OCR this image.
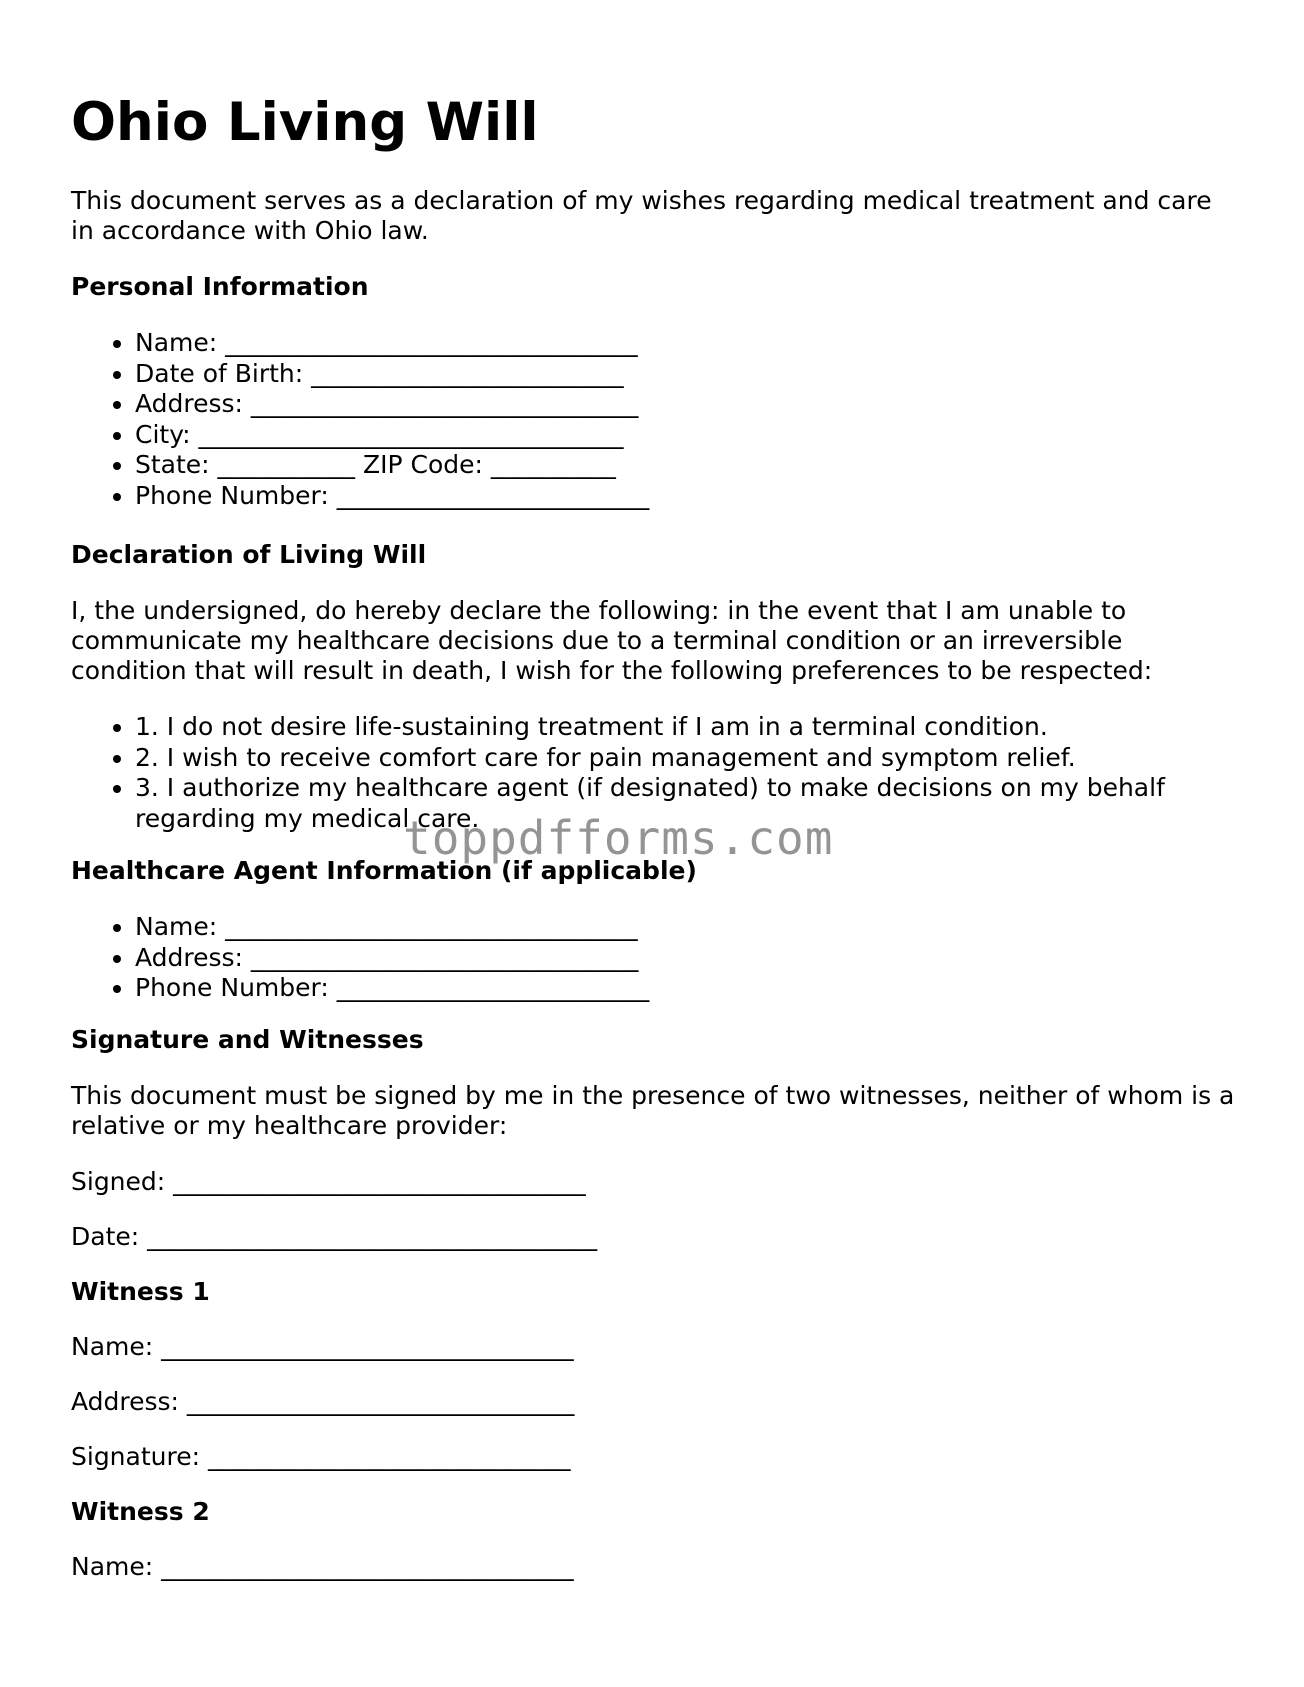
Ohio Living Will

This document serves as a declaration of my wishes regarding medical treatment and care in accordance with Ohio law.

Personal Information
• Name: _________________________________
• Date of Birth: _________________________
• Address: _______________________________
• City: __________________________________
• State: ___________ ZIP Code: __________
• Phone Number: _________________________
Declaration of Living Will

I, the undersigned, do hereby declare the following: in the event that I am unable to communicate my healthcare decisions due to a terminal condition or an irreversible condition that will result in death, I wish for the following preferences to be respected:

• 1. I do not desire life-sustaining treatment if I am in a terminal condition.
• 2. I wish to receive comfort care for pain management and symptom relief.
• 3. I authorize my healthcare agent (if designated) to make decisions on my behalf regarding my medical care.
Healthcare Agent Information (if applicable)
• Name: _________________________________
• Address: _______________________________
• Phone Number: _________________________
Signature and Witnesses

This document must be signed by me in the presence of two witnesses, neither of whom is a relative or my healthcare provider:

Signed: _________________________________
Date: ____________________________________
Witness 1
Name: _________________________________
Address: _______________________________
Signature: _____________________________
Witness 2
Name: _________________________________
toppdfforms.com
